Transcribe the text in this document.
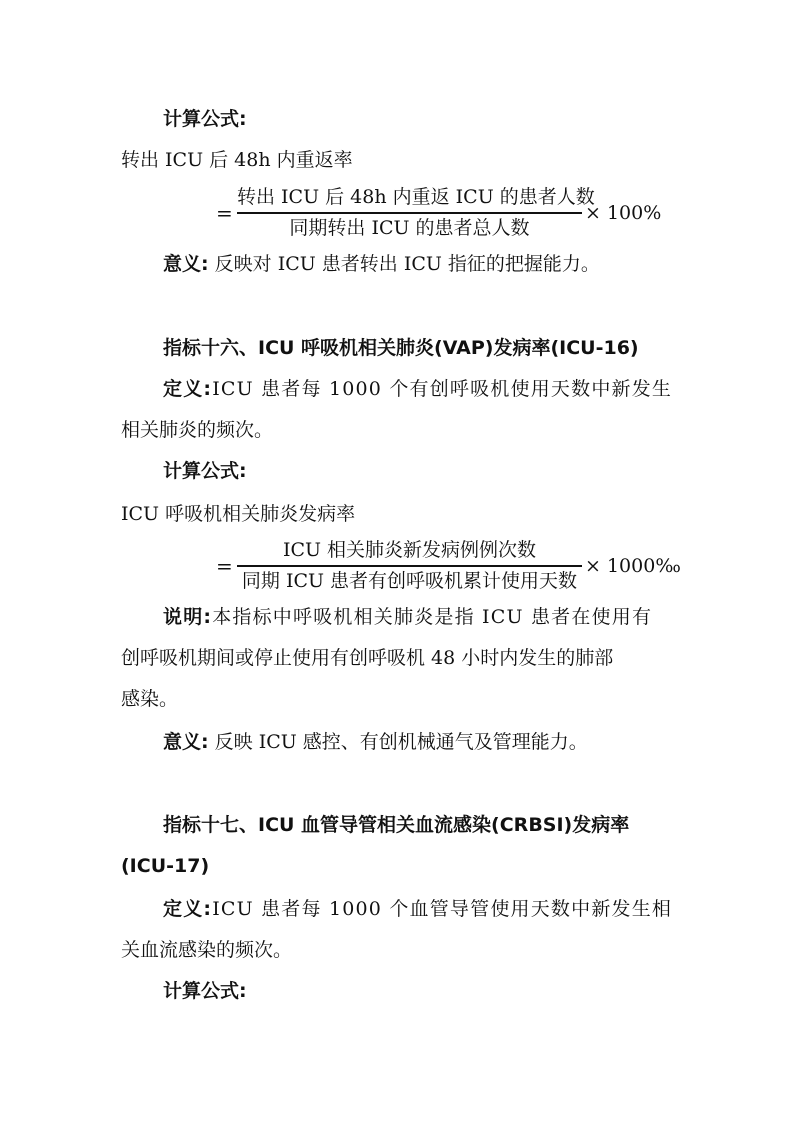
计算公式:
转出 ICU 后 48h 内重返率
=
转出 ICU 后 48h 内重返 ICU 的患者人数
同期转出 ICU 的患者总人数
× 100%
意义: 反映对 ICU 患者转出 ICU 指征的把握能力。
指标十六、ICU 呼吸机相关肺炎(VAP)发病率(ICU-16)
定义:ICU 患者每 1000 个有创呼吸机使用天数中新发生
相关肺炎的频次。
计算公式:
ICU 呼吸机相关肺炎发病率
=
ICU 相关肺炎新发病例例次数
同期 ICU 患者有创呼吸机累计使用天数
× 1000‰
说明:本指标中呼吸机相关肺炎是指 ICU 患者在使用有
创呼吸机期间或停止使用有创呼吸机 48 小时内发生的肺部
感染。
意义: 反映 ICU 感控、有创机械通气及管理能力。
指标十七、ICU 血管导管相关血流感染(CRBSI)发病率
(ICU-17)
定义:ICU 患者每 1000 个血管导管使用天数中新发生相
关血流感染的频次。
计算公式:
